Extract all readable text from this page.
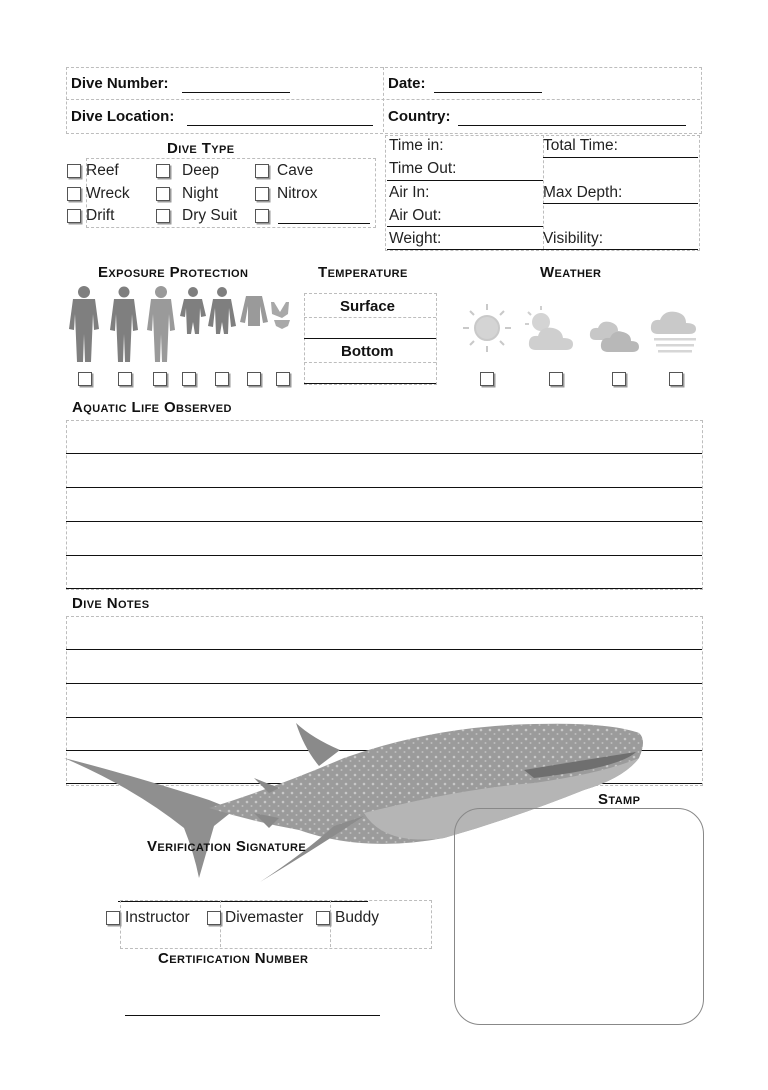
Dive Number:	Date:
Dive Location:	Country:
Dive Type
Reef	Deep	Cave
Wreck	Night	Nitrox
Drift	Dry Suit
Time in:	Total Time:
Time Out:
Air In:	Max Depth:
Air Out:
Weight:	Visibility:
Exposure Protection	Temperature
Surface
Bottom
Weather
Aquatic Life Observed
Dive Notes
Verification Signature
Instructor Divemaster Buddy
Certification Number
Stamp
